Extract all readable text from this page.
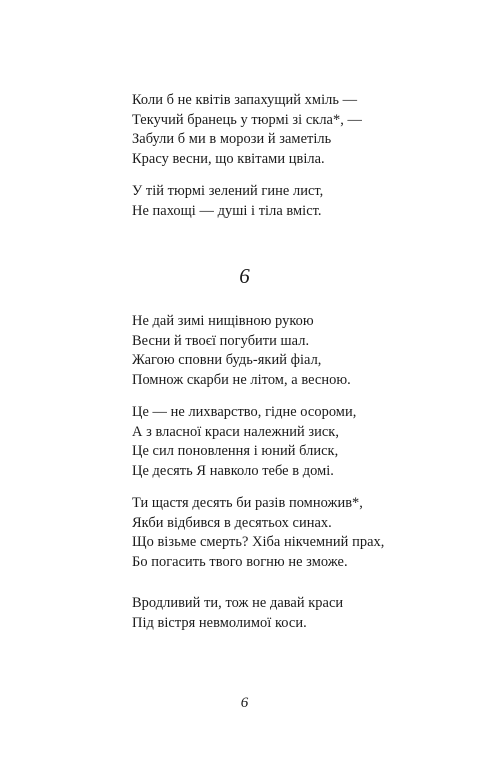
Коли б не квітів запахущий хміль —
Текучий бранець у тюрмі зі скла*, —
Забули б ми в морози й заметіль
Красу весни, що квітами цвіла.
У тій тюрмі зелений гине лист,
Не пахощі — душі і тіла вміст.
6
Не дай зимі нищівною рукою
Весни й твоєї погубити шал.
Жагою сповни будь-який фіал,
Помнож скарби не літом, а весною.
Це — не лихварство, гідне осороми,
А з власної краси належний зиск,
Це сил поновлення і юний блиск,
Це десять Я навколо тебе в домі.
Ти щастя десять би разів помножив*,
Якби відбився в десятьох синах.
Що візьме смерть? Хіба нікчемний прах,
Бо погасить твого вогню не зможе.
Вродливий ти, тож не давай краси
Під вістря невмолимої коси.
6
